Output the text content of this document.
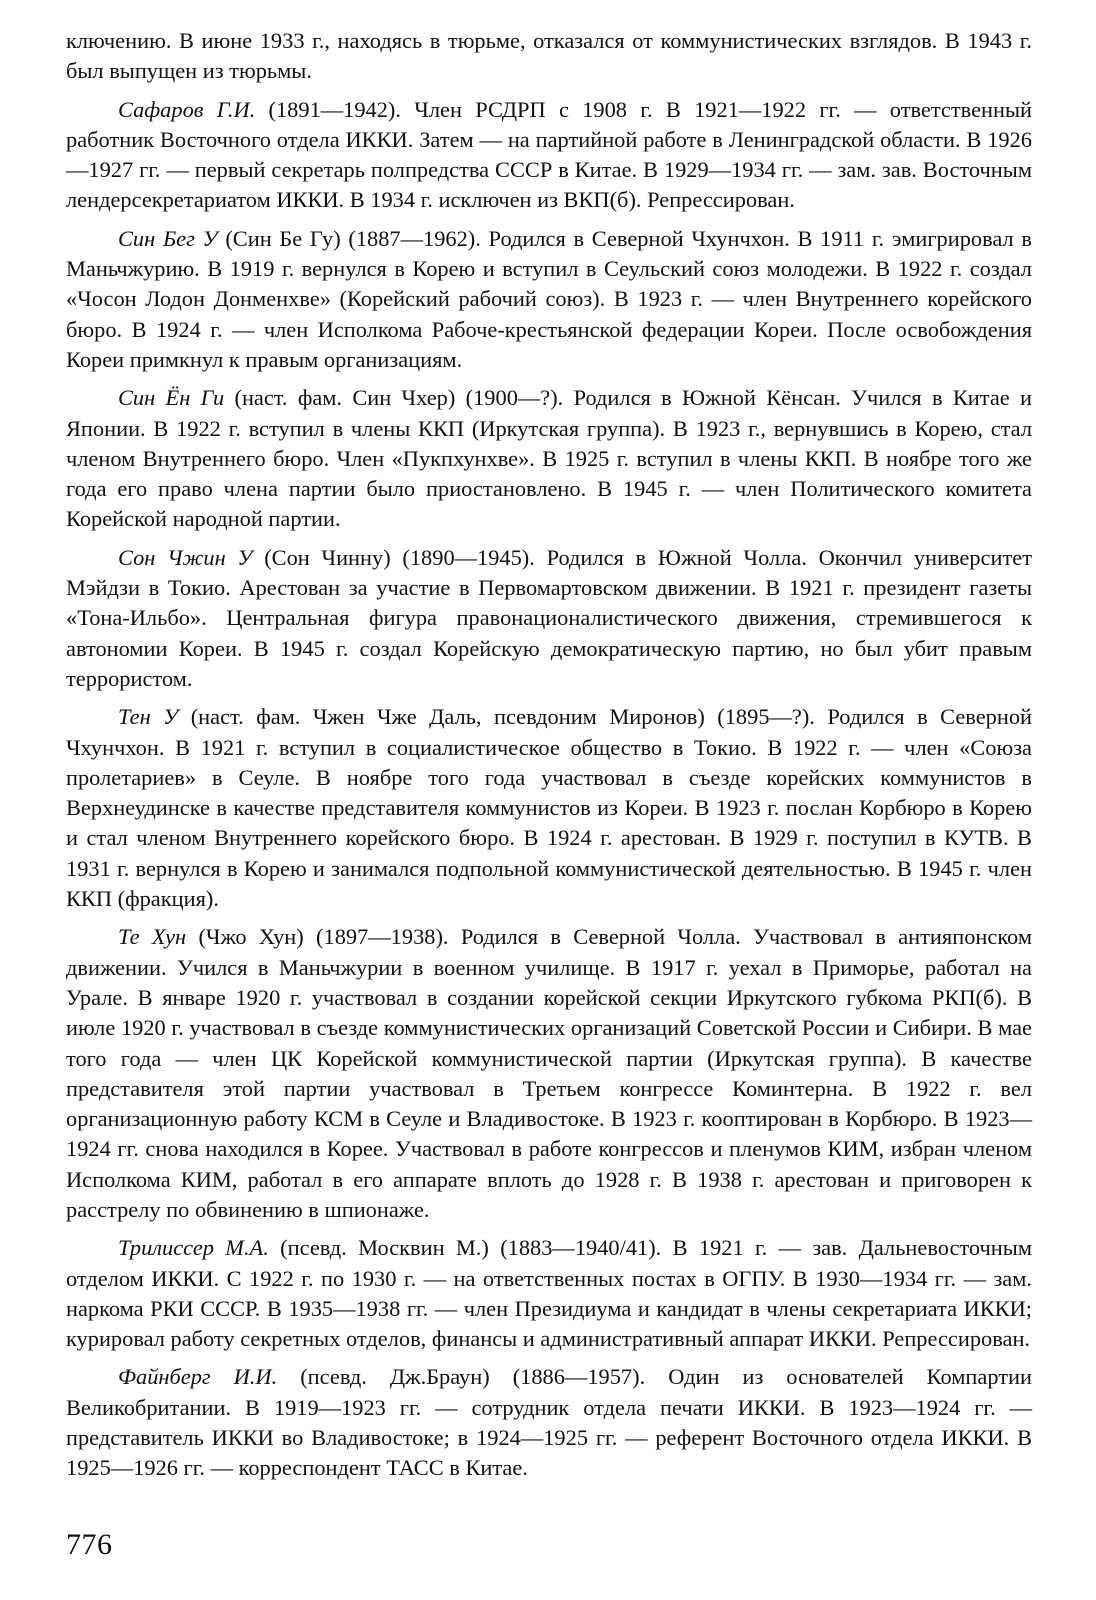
ключению. В июне 1933 г., находясь в тюрьме, отказался от коммунистических взглядов. В 1943 г. был выпущен из тюрьмы.

Сафаров Г.И. (1891—1942). Член РСДРП с 1908 г. В 1921—1922 гг. — ответственный работник Восточного отдела ИККИ. Затем — на партийной работе в Ленинградской области. В 1926—1927 гг. — первый секретарь полпредства СССР в Китае. В 1929—1934 гг. — зам. зав. Восточным лендерсекретариатом ИККИ. В 1934 г. исключен из ВКП(б). Репрессирован.

Син Бег У (Син Бе Гу) (1887—1962). Родился в Северной Чхунчхон. В 1911 г. эмигрировал в Маньчжурию. В 1919 г. вернулся в Корею и вступил в Сеульский союз молодежи. В 1922 г. создал «Чосон Лодон Донменхве» (Корейский рабочий союз). В 1923 г. — член Внутреннего корейского бюро. В 1924 г. — член Исполкома Рабоче-крестьянской федерации Кореи. После освобождения Кореи примкнул к правым организациям.

Син Ён Ги (наст. фам. Син Чхер) (1900—?). Родился в Южной Кёнсан. Учился в Китае и Японии. В 1922 г. вступил в члены ККП (Иркутская группа). В 1923 г., вернувшись в Корею, стал членом Внутреннего бюро. Член «Пукпхунхве». В 1925 г. вступил в члены ККП. В ноябре того же года его право члена партии было приостановлено. В 1945 г. — член Политического комитета Корейской народной партии.

Сон Чжин У (Сон Чинну) (1890—1945). Родился в Южной Чолла. Окончил университет Мэйдзи в Токио. Арестован за участие в Первомартовском движении. В 1921 г. президент газеты «Тона-Ильбо». Центральная фигура правонационалистического движения, стремившегося к автономии Кореи. В 1945 г. создал Корейскую демократическую партию, но был убит правым террористом.

Тен У (наст. фам. Чжен Чже Даль, псевдоним Миронов) (1895—?). Родился в Северной Чхунчхон. В 1921 г. вступил в социалистическое общество в Токио. В 1922 г. — член «Союза пролетариев» в Сеуле. В ноябре того года участвовал в съезде корейских коммунистов в Верхнеудинске в качестве представителя коммунистов из Кореи. В 1923 г. послан Корбюро в Корею и стал членом Внутреннего корейского бюро. В 1924 г. арестован. В 1929 г. поступил в КУТВ. В 1931 г. вернулся в Корею и занимался подпольной коммунистической деятельностью. В 1945 г. член ККП (фракция).

Те Хун (Чжо Хун) (1897—1938). Родился в Северной Чолла. Участвовал в антияпонском движении. Учился в Маньчжурии в военном училище. В 1917 г. уехал в Приморье, работал на Урале. В январе 1920 г. участвовал в создании корейской секции Иркутского губкома РКП(б). В июле 1920 г. участвовал в съезде коммунистических организаций Советской России и Сибири. В мае того года — член ЦК Корейской коммунистической партии (Иркутская группа). В качестве представителя этой партии участвовал в Третьем конгрессе Коминтерна. В 1922 г. вел организационную работу КСМ в Сеуле и Владивостоке. В 1923 г. кооптирован в Корбюро. В 1923—1924 гг. снова находился в Корее. Участвовал в работе конгрессов и пленумов КИМ, избран членом Исполкома КИМ, работал в его аппарате вплоть до 1928 г. В 1938 г. арестован и приговорен к расстрелу по обвинению в шпионаже.

Трилиссер М.А. (псевд. Москвин М.) (1883—1940/41). В 1921 г. — зав. Дальневосточным отделом ИККИ. С 1922 г. по 1930 г. — на ответственных постах в ОГПУ. В 1930—1934 гг. — зам. наркома РКИ СССР. В 1935—1938 гг. — член Президиума и кандидат в члены секретариата ИККИ; курировал работу секретных отделов, финансы и административный аппарат ИККИ. Репрессирован.

Файнберг И.И. (псевд. Дж.Браун) (1886—1957). Один из основателей Компартии Великобритании. В 1919—1923 гг. — сотрудник отдела печати ИККИ. В 1923—1924 гг. — представитель ИККИ во Владивостоке; в 1924—1925 гг. — референт Восточного отдела ИККИ. В 1925—1926 гг. — корреспондент ТАСС в Китае.

776
